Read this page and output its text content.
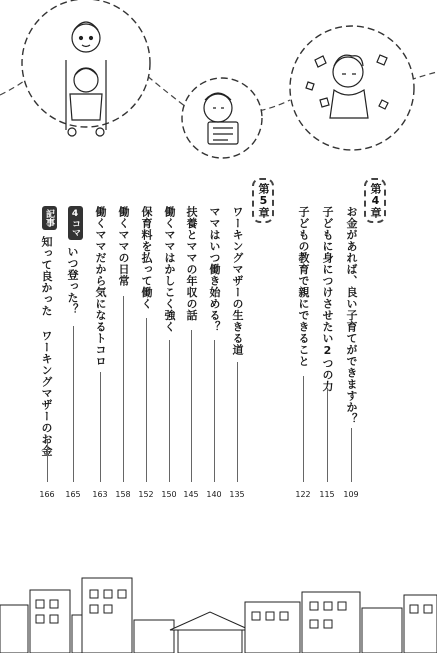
第4章
お金があれば、良い子育てができますか？
109
子どもに身につけさせたい2つの力
115
子どもの教育で親にできること
122
第5章
ワーキングマザーの生きる道
135
ママはいつ働き始める？
140
扶養とママの年収の話
145
働くママはかしこく強く
150
保育料を払って働く
152
働くママの日常
158
働くママだから気になるトコロ
163
4コマ
いつ登った？
165
記事
知って良かった ワーキングマザーのお金
166
